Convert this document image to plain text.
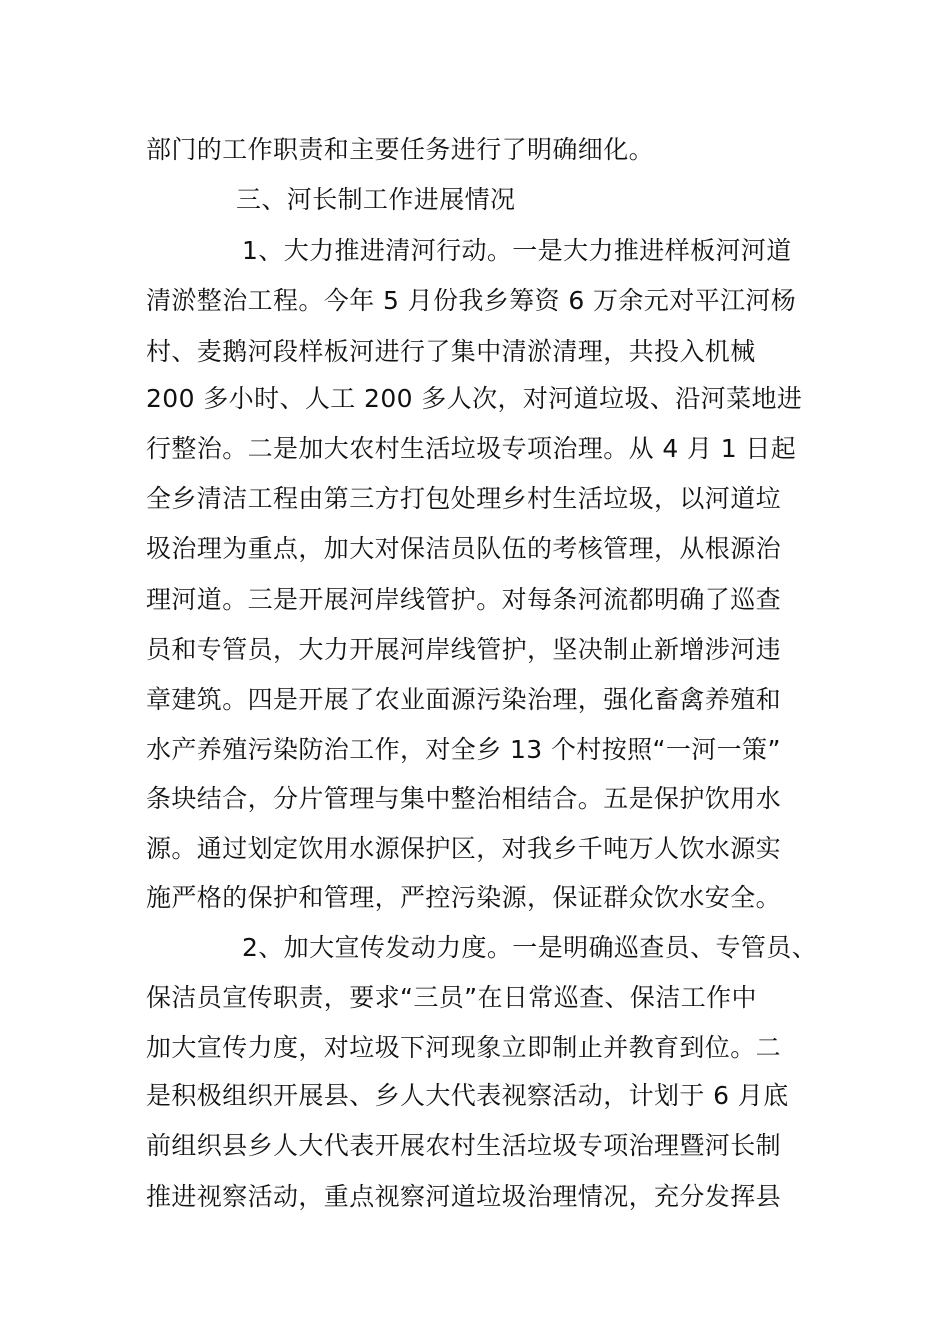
部门的工作职责和主要任务进行了明确细化。
三、河长制工作进展情况
1、大力推进清河行动。一是大力推进样板河河道
清淤整治工程。今年 5 月份我乡筹资 6 万余元对平江河杨
村、麦鹅河段样板河进行了集中清淤清理，共投入机械
200 多小时、人工 200 多人次，对河道垃圾、沿河菜地进
行整治。二是加大农村生活垃圾专项治理。从 4 月 1 日起
全乡清洁工程由第三方打包处理乡村生活垃圾，以河道垃
圾治理为重点，加大对保洁员队伍的考核管理，从根源治
理河道。三是开展河岸线管护。对每条河流都明确了巡查
员和专管员，大力开展河岸线管护，坚决制止新增涉河违
章建筑。四是开展了农业面源污染治理，强化畜禽养殖和
水产养殖污染防治工作，对全乡 13 个村按照“一河一策”
条块结合，分片管理与集中整治相结合。五是保护饮用水
源。通过划定饮用水源保护区，对我乡千吨万人饮水源实
施严格的保护和管理，严控污染源，保证群众饮水安全。
2、加大宣传发动力度。一是明确巡查员、专管员、
保洁员宣传职责，要求“三员”在日常巡查、保洁工作中
加大宣传力度，对垃圾下河现象立即制止并教育到位。二
是积极组织开展县、乡人大代表视察活动，计划于 6 月底
前组织县乡人大代表开展农村生活垃圾专项治理暨河长制
推进视察活动，重点视察河道垃圾治理情况，充分发挥县
